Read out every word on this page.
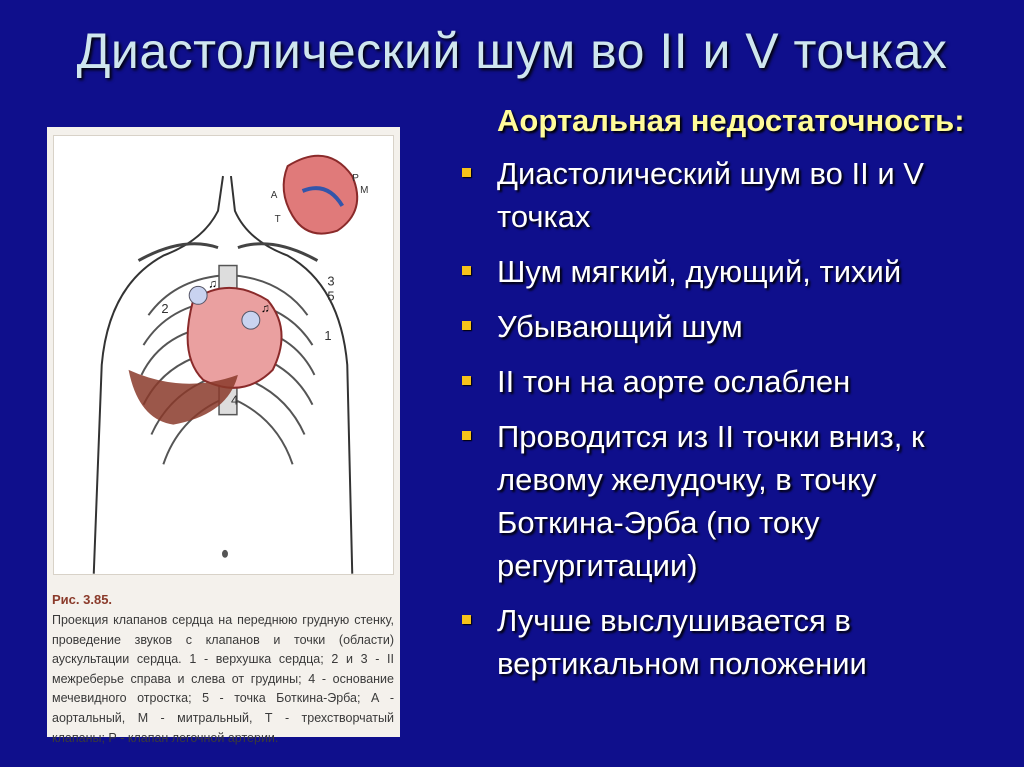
Диастолический шум во II и V точках
♫
♫
3
5
2
1
4
Р
М
А
Т
Рис. 3.85.
Проекция клапанов сердца на переднюю грудную стенку, проведение звуков с клапанов и точки (области) аускультации сердца. 1 - верхушка сердца; 2 и 3 - II межреберье справа и слева от грудины; 4 - основание мечевидного отростка; 5 - точка Боткина-Эрба; А - аортальный, М - митральный, Т - трехстворчатый клапаны; Р - клапан легочной артерии.
Аортальная недостаточность:
Диастолический шум во II и V точках
Шум мягкий, дующий, тихий
Убывающий шум
II тон на аорте ослаблен
Проводится из II точки вниз, к левому желудочку, в точку Боткина-Эрба (по току регургитации)
Лучше выслушивается в вертикальном положении
